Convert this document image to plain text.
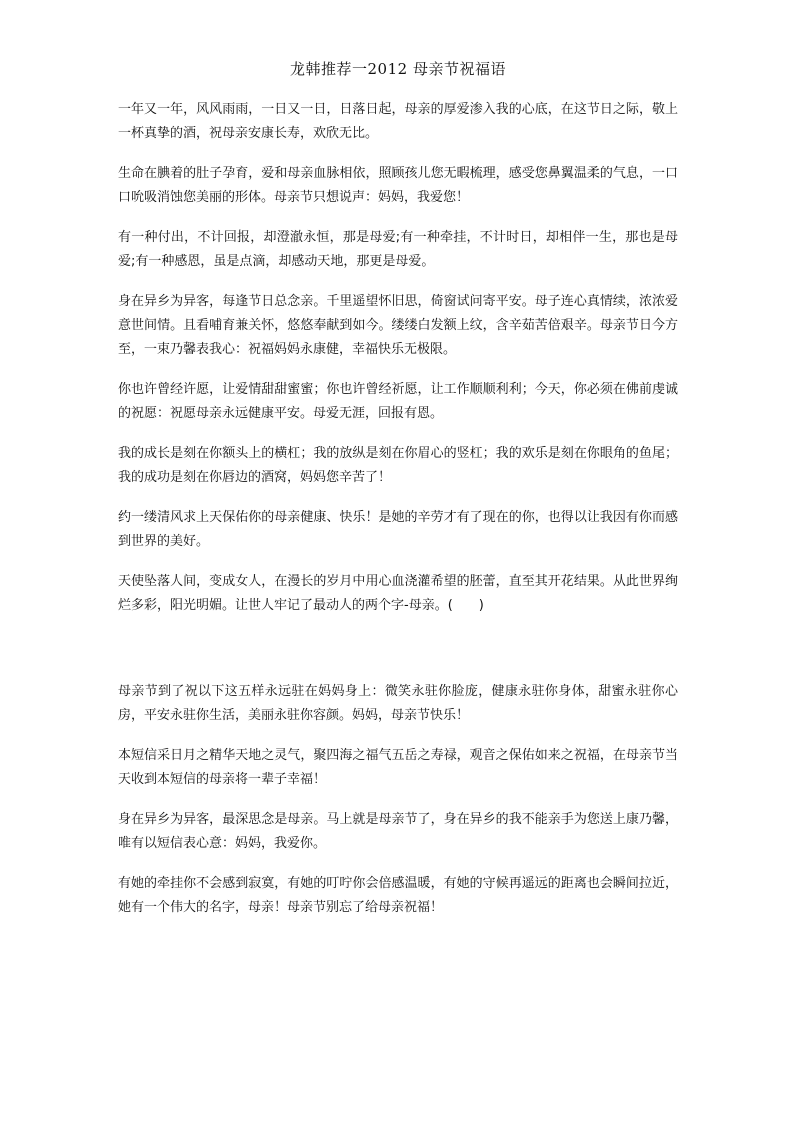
龙韩推荐一2012 母亲节祝福语

一年又一年，风风雨雨，一日又一日，日落日起，母亲的厚爱渗入我的心底，在这节日之际，敬上一杯真挚的酒，祝母亲安康长寿，欢欣无比。

生命在腆着的肚子孕育，爱和母亲血脉相依，照顾孩儿您无暇梳理，感受您鼻翼温柔的气息，一口口吮吸消蚀您美丽的形体。母亲节只想说声：妈妈，我爱您！

有一种付出，不计回报，却澄澈永恒，那是母爱;有一种牵挂，不计时日，却相伴一生，那也是母爱;有一种感恩，虽是点滴，却感动天地，那更是母爱。

身在异乡为异客，每逢节日总念亲。千里遥望怀旧思，倚窗试问寄平安。母子连心真情续，浓浓爱意世间情。且看哺育兼关怀，悠悠奉献到如今。缕缕白发额上纹，含辛茹苦倍艰辛。母亲节日今方至，一束乃馨表我心：祝福妈妈永康健，幸福快乐无极限。

你也许曾经许愿，让爱情甜甜蜜蜜；你也许曾经祈愿，让工作顺顺利利；今天，你必须在佛前虔诚的祝愿：祝愿母亲永远健康平安。母爱无涯，回报有恩。

我的成长是刻在你额头上的横杠；我的放纵是刻在你眉心的竖杠；我的欢乐是刻在你眼角的鱼尾；我的成功是刻在你唇边的酒窝，妈妈您辛苦了！

约一缕清风求上天保佑你的母亲健康、快乐！是她的辛劳才有了现在的你，也得以让我因有你而感到世界的美好。

天使坠落人间，变成女人，在漫长的岁月中用心血浇灌希望的胚蕾，直至其开花结果。从此世界绚烂多彩，阳光明媚。让世人牢记了最动人的两个字-母亲。(　　)

母亲节到了祝以下这五样永远驻在妈妈身上：微笑永驻你脸庞，健康永驻你身体，甜蜜永驻你心房，平安永驻你生活，美丽永驻你容颜。妈妈，母亲节快乐！

本短信采日月之精华天地之灵气，聚四海之福气五岳之寿禄，观音之保佑如来之祝福，在母亲节当天收到本短信的母亲将一辈子幸福！

身在异乡为异客，最深思念是母亲。马上就是母亲节了，身在异乡的我不能亲手为您送上康乃馨，唯有以短信表心意：妈妈，我爱你。

有她的牵挂你不会感到寂寞，有她的叮咛你会倍感温暖，有她的守候再遥远的距离也会瞬间拉近，她有一个伟大的名字，母亲！母亲节别忘了给母亲祝福！
